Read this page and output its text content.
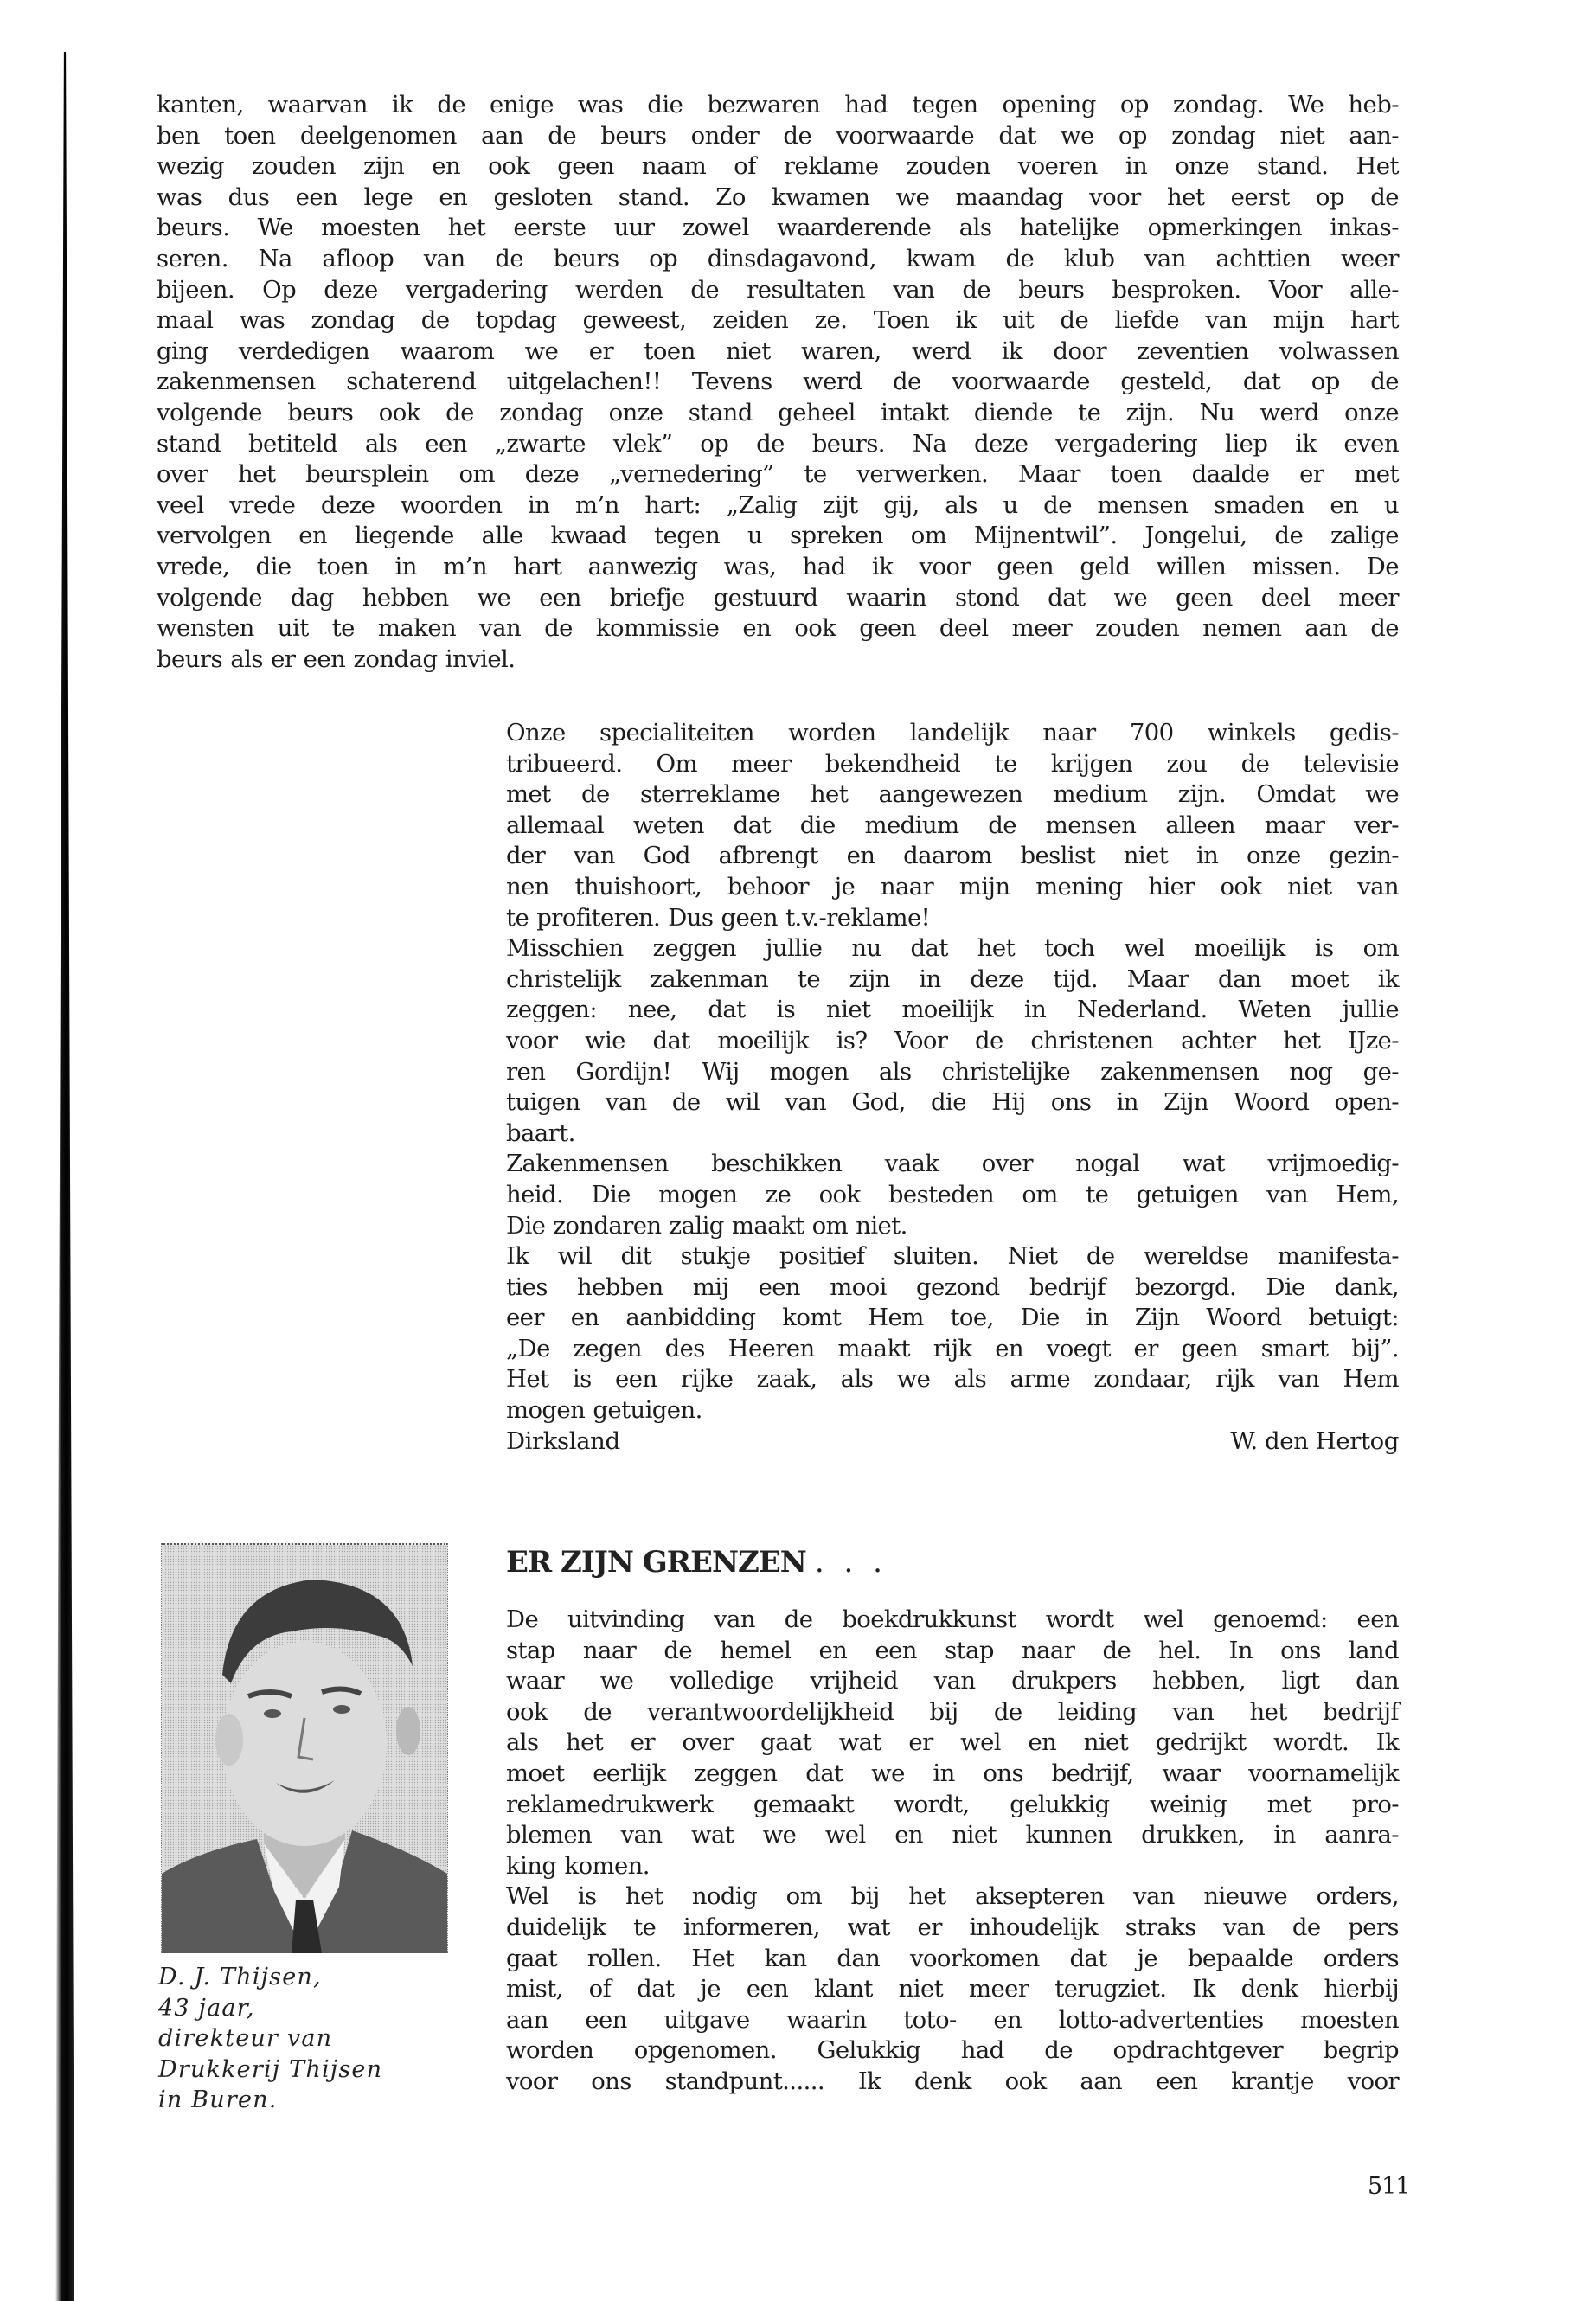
kanten, waarvan ik de enige was die bezwaren had tegen opening op zondag. We heb-
ben toen deelgenomen aan de beurs onder de voorwaarde dat we op zondag niet aan-
wezig zouden zijn en ook geen naam of reklame zouden voeren in onze stand. Het
was dus een lege en gesloten stand. Zo kwamen we maandag voor het eerst op de
beurs. We moesten het eerste uur zowel waarderende als hatelijke opmerkingen inkas-
seren. Na afloop van de beurs op dinsdagavond, kwam de klub van achttien weer
bijeen. Op deze vergadering werden de resultaten van de beurs besproken. Voor alle-
maal was zondag de topdag geweest, zeiden ze. Toen ik uit de liefde van mijn hart
ging verdedigen waarom we er toen niet waren, werd ik door zeventien volwassen
zakenmensen schaterend uitgelachen!! Tevens werd de voorwaarde gesteld, dat op de
volgende beurs ook de zondag onze stand geheel intakt diende te zijn. Nu werd onze
stand betiteld als een „zwarte vlek” op de beurs. Na deze vergadering liep ik even
over het beursplein om deze „vernedering” te verwerken. Maar toen daalde er met
veel vrede deze woorden in m’n hart: „Zalig zijt gij, als u de mensen smaden en u
vervolgen en liegende alle kwaad tegen u spreken om Mijnentwil”. Jongelui, de zalige
vrede, die toen in m’n hart aanwezig was, had ik voor geen geld willen missen. De
volgende dag hebben we een briefje gestuurd waarin stond dat we geen deel meer
wensten uit te maken van de kommissie en ook geen deel meer zouden nemen aan de
beurs als er een zondag inviel.
Onze specialiteiten worden landelijk naar 700 winkels gedis-
tribueerd. Om meer bekendheid te krijgen zou de televisie
met de sterreklame het aangewezen medium zijn. Omdat we
allemaal weten dat die medium de mensen alleen maar ver-
der van God afbrengt en daarom beslist niet in onze gezin-
nen thuishoort, behoor je naar mijn mening hier ook niet van
te profiteren. Dus geen t.v.-reklame!
Misschien zeggen jullie nu dat het toch wel moeilijk is om
christelijk zakenman te zijn in deze tijd. Maar dan moet ik
zeggen: nee, dat is niet moeilijk in Nederland. Weten jullie
voor wie dat moeilijk is? Voor de christenen achter het IJze-
ren Gordijn! Wij mogen als christelijke zakenmensen nog ge-
tuigen van de wil van God, die Hij ons in Zijn Woord open-
baart.
Zakenmensen beschikken vaak over nogal wat vrijmoedig-
heid. Die mogen ze ook besteden om te getuigen van Hem,
Die zondaren zalig maakt om niet.
Ik wil dit stukje positief sluiten. Niet de wereldse manifesta-
ties hebben mij een mooi gezond bedrijf bezorgd. Die dank,
eer en aanbidding komt Hem toe, Die in Zijn Woord betuigt:
„De zegen des Heeren maakt rijk en voegt er geen smart bij”.
Het is een rijke zaak, als we als arme zondaar, rijk van Hem
mogen getuigen.
Dirksland	W. den Hertog
D. J. Thijsen,
43 jaar,
direkteur van
Drukkerij Thijsen
in Buren.
ER ZIJN GRENZEN . . .
De uitvinding van de boekdrukkunst wordt wel genoemd: een
stap naar de hemel en een stap naar de hel. In ons land
waar we volledige vrijheid van drukpers hebben, ligt dan
ook de verantwoordelijkheid bij de leiding van het bedrijf
als het er over gaat wat er wel en niet gedrijkt wordt. Ik
moet eerlijk zeggen dat we in ons bedrijf, waar voornamelijk
reklamedrukwerk gemaakt wordt, gelukkig weinig met pro-
blemen van wat we wel en niet kunnen drukken, in aanra-
king komen.
Wel is het nodig om bij het aksepteren van nieuwe orders,
duidelijk te informeren, wat er inhoudelijk straks van de pers
gaat rollen. Het kan dan voorkomen dat je bepaalde orders
mist, of dat je een klant niet meer terugziet. Ik denk hierbij
aan een uitgave waarin toto- en lotto-advertenties moesten
worden opgenomen. Gelukkig had de opdrachtgever begrip
voor ons standpunt...... Ik denk ook aan een krantje voor
511
